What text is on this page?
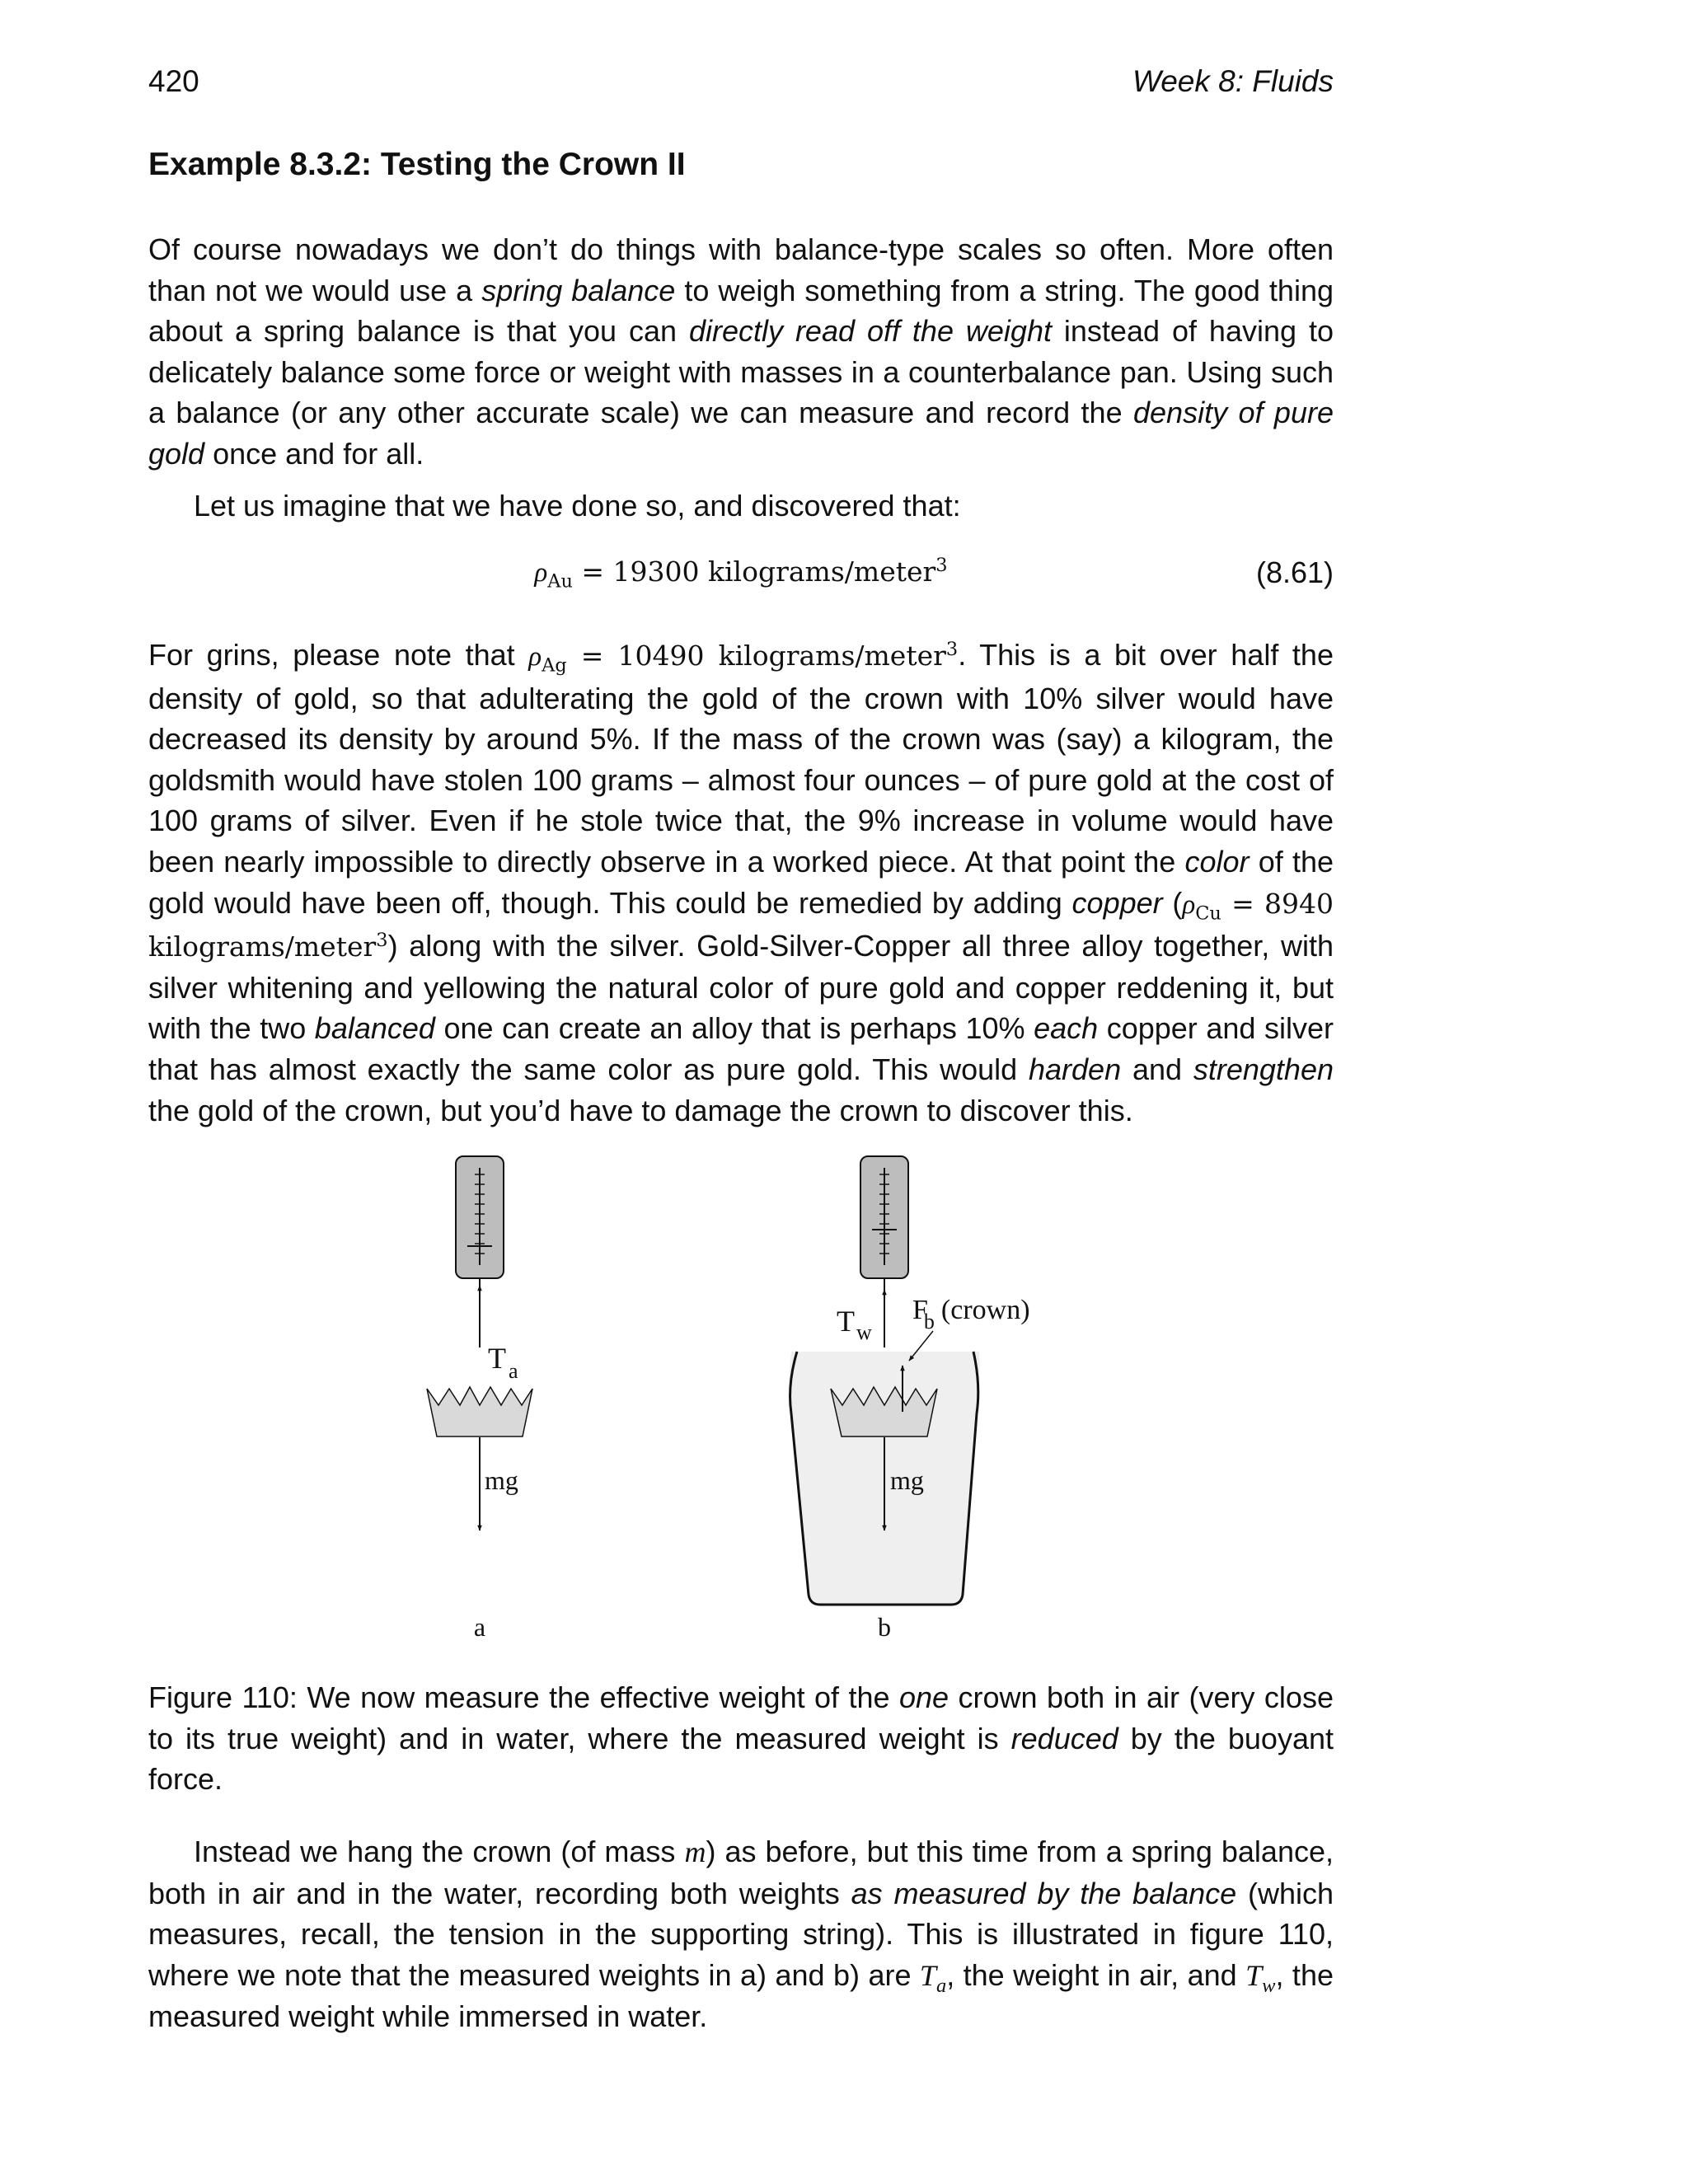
420	Week 8: Fluids
Example 8.3.2: Testing the Crown II

Of course nowadays we don’t do things with balance-type scales so often. More often than not we would use a spring balance to weigh something from a string. The good thing about a spring balance is that you can directly read off the weight instead of having to delicately balance some force or weight with masses in a counterbalance pan. Using such a balance (or any other accurate scale) we can measure and record the density of pure gold once and for all.

Let us imagine that we have done so, and discovered that:

$\rho_{Au} = 19300$ kilograms/meter$^3$	(8.61)

For grins, please note that $\rho_{Ag} = 10490$ kilograms/meter$^3$. This is a bit over half the density of gold, so that adulterating the gold of the crown with 10% silver would have decreased its density by around 5%. If the mass of the crown was (say) a kilogram, the goldsmith would have stolen 100 grams – almost four ounces – of pure gold at the cost of 100 grams of silver. Even if he stole twice that, the 9% increase in volume would have been nearly impossible to directly observe in a worked piece. At that point the color of the gold would have been off, though. This could be remedied by adding copper ($\rho_{Cu} = 8940$ kilograms/meter$^3$) along with the silver. Gold-Silver-Copper all three alloy together, with silver whitening and yellowing the natural color of pure gold and copper reddening it, but with the two balanced one can create an alloy that is perhaps 10% each copper and silver that has almost exactly the same color as pure gold. This would harden and strengthen the gold of the crown, but you’d have to damage the crown to discover this.

T $_a$
mg
a
$T_w$
Fb (crown)
mg
b

Figure 110: We now measure the effective weight of the one crown both in air (very close to its true weight) and in water, where the measured weight is reduced by the buoyant force.

Instead we hang the crown (of mass m) as before, but this time from a spring balance, both in air and in the water, recording both weights as measured by the balance (which measures, recall, the tension in the supporting string). This is illustrated in figure 110, where we note that the measured weights in a) and b) are $T_a$, the weight in air, and $T_w$, the measured weight while immersed in water.
